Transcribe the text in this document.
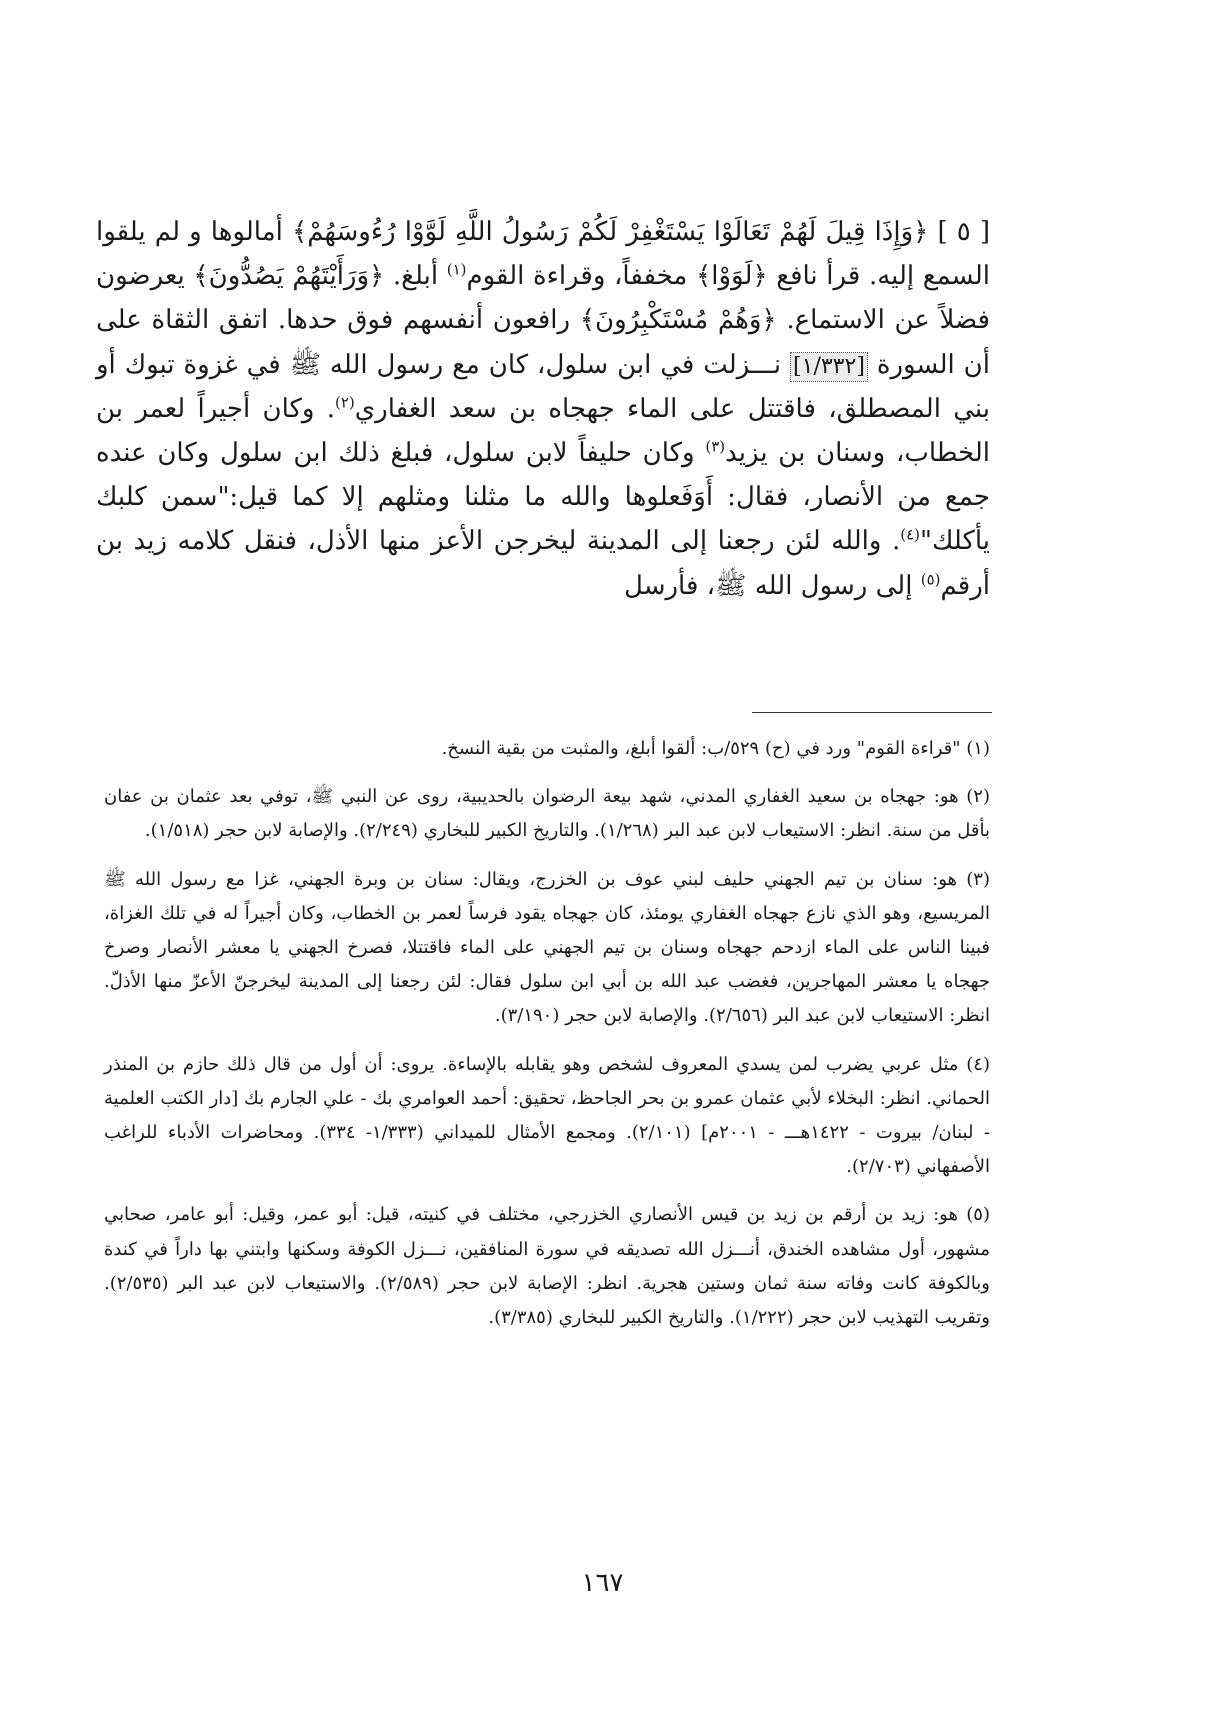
[ ٥ ] ﴿وَإِذَا قِيلَ لَهُمْ تَعَالَوْا يَسْتَغْفِرْ لَكُمْ رَسُولُ اللَّهِ لَوَّوْا رُءُوسَهُمْ﴾ أمالوها و لم يلقوا السمع إليه. قرأ نافع ﴿لَوَوْا﴾ مخففاً، وقراءة القوم$^{(١)}$ أبلغ. ﴿وَرَأَيْتَهُمْ يَصُدُّونَ﴾ يعرضون فضلاً عن الاستماع. ﴿وَهُمْ مُسْتَكْبِرُونَ﴾ رافعون أنفسهم فوق حدها. اتفق الثقاة على أن السورة [١/٣٣٢] نـــزلت في ابن سلول، كان مع رسول الله ﷺ في غزوة تبوك أو بني المصطلق، فاقتتل على الماء جهجاه بن سعد الغفاري$^{(٢)}$. وكان أجيراً لعمر بن الخطاب، وسنان بن يزيد$^{(٣)}$ وكان حليفاً لابن سلول، فبلغ ذلك ابن سلول وكان عنده جمع من الأنصار، فقال: أَوَفَعلوها والله ما مثلنا ومثلهم إلا كما قيل:"سمن كلبك يأكلك"$^{(٤)}$. والله لئن رجعنا إلى المدينة ليخرجن الأعز منها الأذل، فنقل كلامه زيد بن أرقم$^{(٥)}$ إلى رسول الله ﷺ، فأرسل

(١) "قراءة القوم" ورد في (ح) ٥٢٩/ب: ألقوا أبلغ، والمثبت من بقية النسخ.

(٢) هو: جهجاه بن سعيد الغفاري المدني، شهد بيعة الرضوان بالحديبية، روى عن النبي ﷺ، توفي بعد عثمان بن عفان بأقل من سنة. انظر: الاستيعاب لابن عبد البر (١/٢٦٨). والتاريخ الكبير للبخاري (٢/٢٤٩). والإصابة لابن حجر (١/٥١٨).

(٣) هو: سنان بن تيم الجهني حليف لبني عوف بن الخزرج، ويقال: سنان بن وبرة الجهني، غزا مع رسول الله ﷺ المريسيع، وهو الذي نازع جهجاه الغفاري يومئذ، كان جهجاه يقود فرساً لعمر بن الخطاب، وكان أجيراً له في تلك الغزاة، فبينا الناس على الماء ازدحم جهجاه وسنان بن تيم الجهني على الماء فاقتتلا، فصرخ الجهني يا معشر الأنصار وصرخ جهجاه يا معشر المهاجرين، فغضب عبد الله بن أبي ابن سلول فقال: لئن رجعنا إلى المدينة ليخرجنّ الأعزّ منها الأذلّ. انظر: الاستيعاب لابن عبد البر (٢/٦٥٦). والإصابة لابن حجر (٣/١٩٠).

(٤) مثل عربي يضرب لمن يسدي المعروف لشخص وهو يقابله بالإساءة. يروى: أن أول من قال ذلك حازم بن المنذر الحماني. انظر: البخلاء لأبي عثمان عمرو بن بحر الجاحظ، تحقيق: أحمد العوامري بك - علي الجارم بك [دار الكتب العلمية - لبنان/ بيروت - ١٤٢٢هـــ - ٢٠٠١م] (٢/١٠١). ومجمع الأمثال للميداني (١/٣٣٣- ٣٣٤). ومحاضرات الأدباء للراغب الأصفهاني (٢/٧٠٣).

(٥) هو: زيد بن أرقم بن زيد بن قيس الأنصاري الخزرجي، مختلف في كنيته، قيل: أبو عمر، وقيل: أبو عامر، صحابي مشهور، أول مشاهده الخندق، أنـــزل الله تصديقه في سورة المنافقين، نـــزل الكوفة وسكنها وابتني بها داراً في كندة وبالكوفة كانت وفاته سنة ثمان وستين هجرية. انظر: الإصابة لابن حجر (٢/٥٨٩). والاستيعاب لابن عبد البر (٢/٥٣٥). وتقريب التهذيب لابن حجر (١/٢٢٢). والتاريخ الكبير للبخاري (٣/٣٨٥).

١٦٧
